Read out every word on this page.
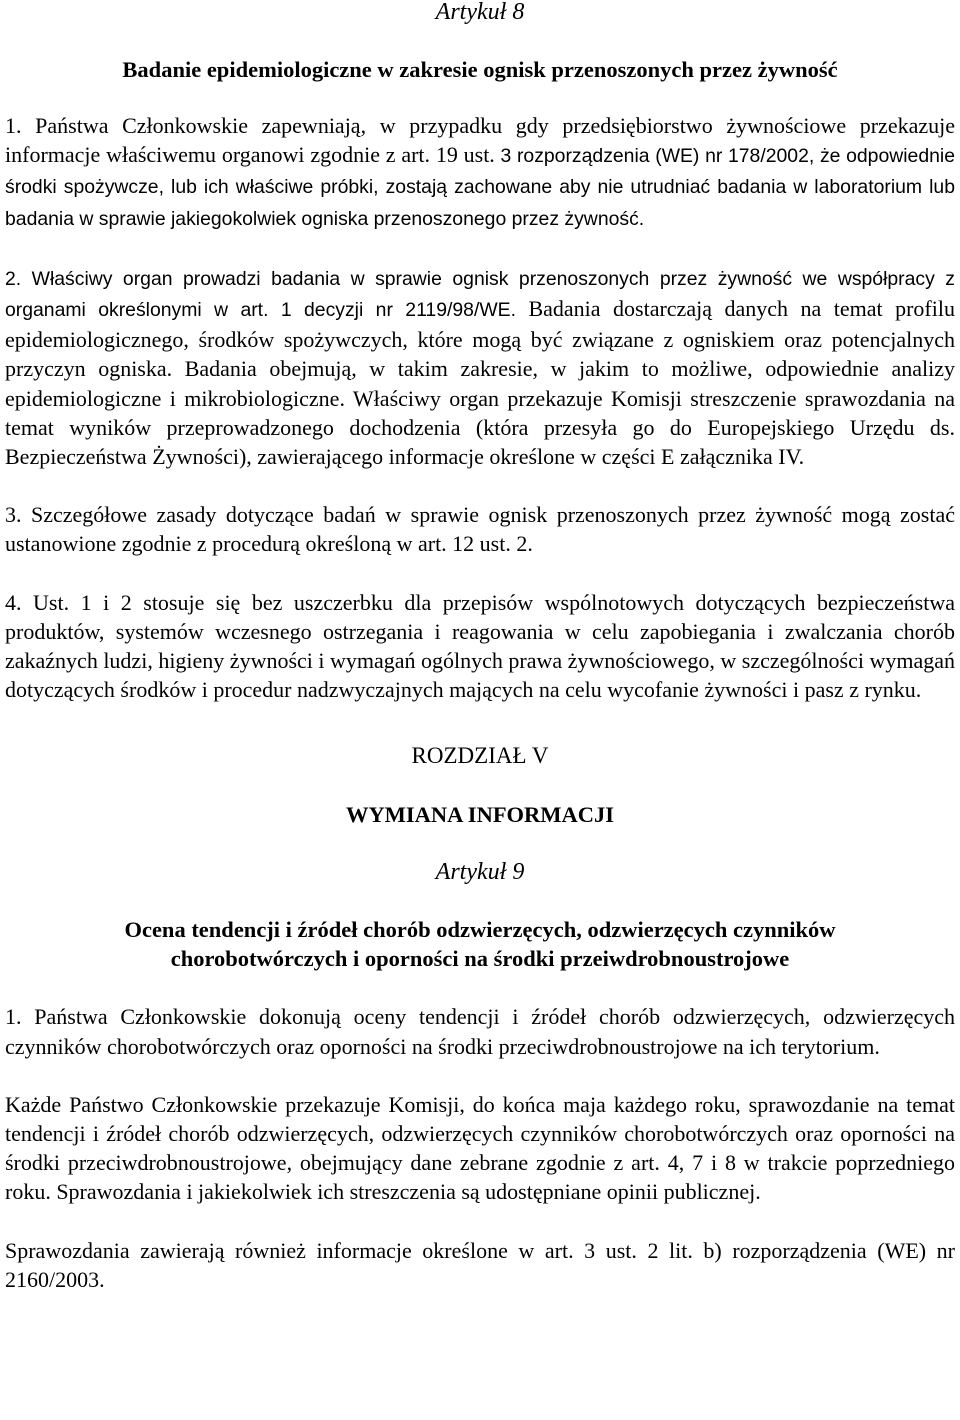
Artykuł 8
Badanie epidemiologiczne w zakresie ognisk przenoszonych przez żywność

1. Państwa Członkowskie zapewniają, w przypadku gdy przedsiębiorstwo żywnościowe przekazuje informacje właściwemu organowi zgodnie z art. 19 ust. 3 rozporządzenia (WE) nr 178/2002, że odpowiednie środki spożywcze, lub ich właściwe próbki, zostają zachowane aby nie utrudniać badania w laboratorium lub badania w sprawie jakiegokolwiek ogniska przenoszonego przez żywność.

2. Właściwy organ prowadzi badania w sprawie ognisk przenoszonych przez żywność we współpracy z organami określonymi w art. 1 decyzji nr 2119/98/WE. Badania dostarczają danych na temat profilu epidemiologicznego, środków spożywczych, które mogą być związane z ogniskiem oraz potencjalnych przyczyn ogniska. Badania obejmują, w takim zakresie, w jakim to możliwe, odpowiednie analizy epidemiologiczne i mikrobiologiczne. Właściwy organ przekazuje Komisji streszczenie sprawozdania na temat wyników przeprowadzonego dochodzenia (która przesyła go do Europejskiego Urzędu ds. Bezpieczeństwa Żywności), zawierającego informacje określone w części E załącznika IV.

3. Szczegółowe zasady dotyczące badań w sprawie ognisk przenoszonych przez żywność mogą zostać ustanowione zgodnie z procedurą określoną w art. 12 ust. 2.

4. Ust. 1 i 2 stosuje się bez uszczerbku dla przepisów wspólnotowych dotyczących bezpieczeństwa produktów, systemów wczesnego ostrzegania i reagowania w celu zapobiegania i zwalczania chorób zakaźnych ludzi, higieny żywności i wymagań ogólnych prawa żywnościowego, w szczególności wymagań dotyczących środków i procedur nadzwyczajnych mających na celu wycofanie żywności i pasz z rynku.

ROZDZIAŁ V
WYMIANA INFORMACJI
Artykuł 9
Ocena tendencji i źródeł chorób odzwierzęcych, odzwierzęcych czynników
chorobotwórczych i oporności na środki przeiwdrobnoustrojowe

1. Państwa Członkowskie dokonują oceny tendencji i źródeł chorób odzwierzęcych, odzwierzęcych czynników chorobotwórczych oraz oporności na środki przeciwdrobnoustrojowe na ich terytorium.

Każde Państwo Członkowskie przekazuje Komisji, do końca maja każdego roku, sprawozdanie na temat tendencji i źródeł chorób odzwierzęcych, odzwierzęcych czynników chorobotwórczych oraz oporności na środki przeciwdrobnoustrojowe, obejmujący dane zebrane zgodnie z art. 4, 7 i 8 w trakcie poprzedniego roku. Sprawozdania i jakiekolwiek ich streszczenia są udostępniane opinii publicznej.

Sprawozdania zawierają również informacje określone w art. 3 ust. 2 lit. b) rozporządzenia (WE) nr 2160/2003.
